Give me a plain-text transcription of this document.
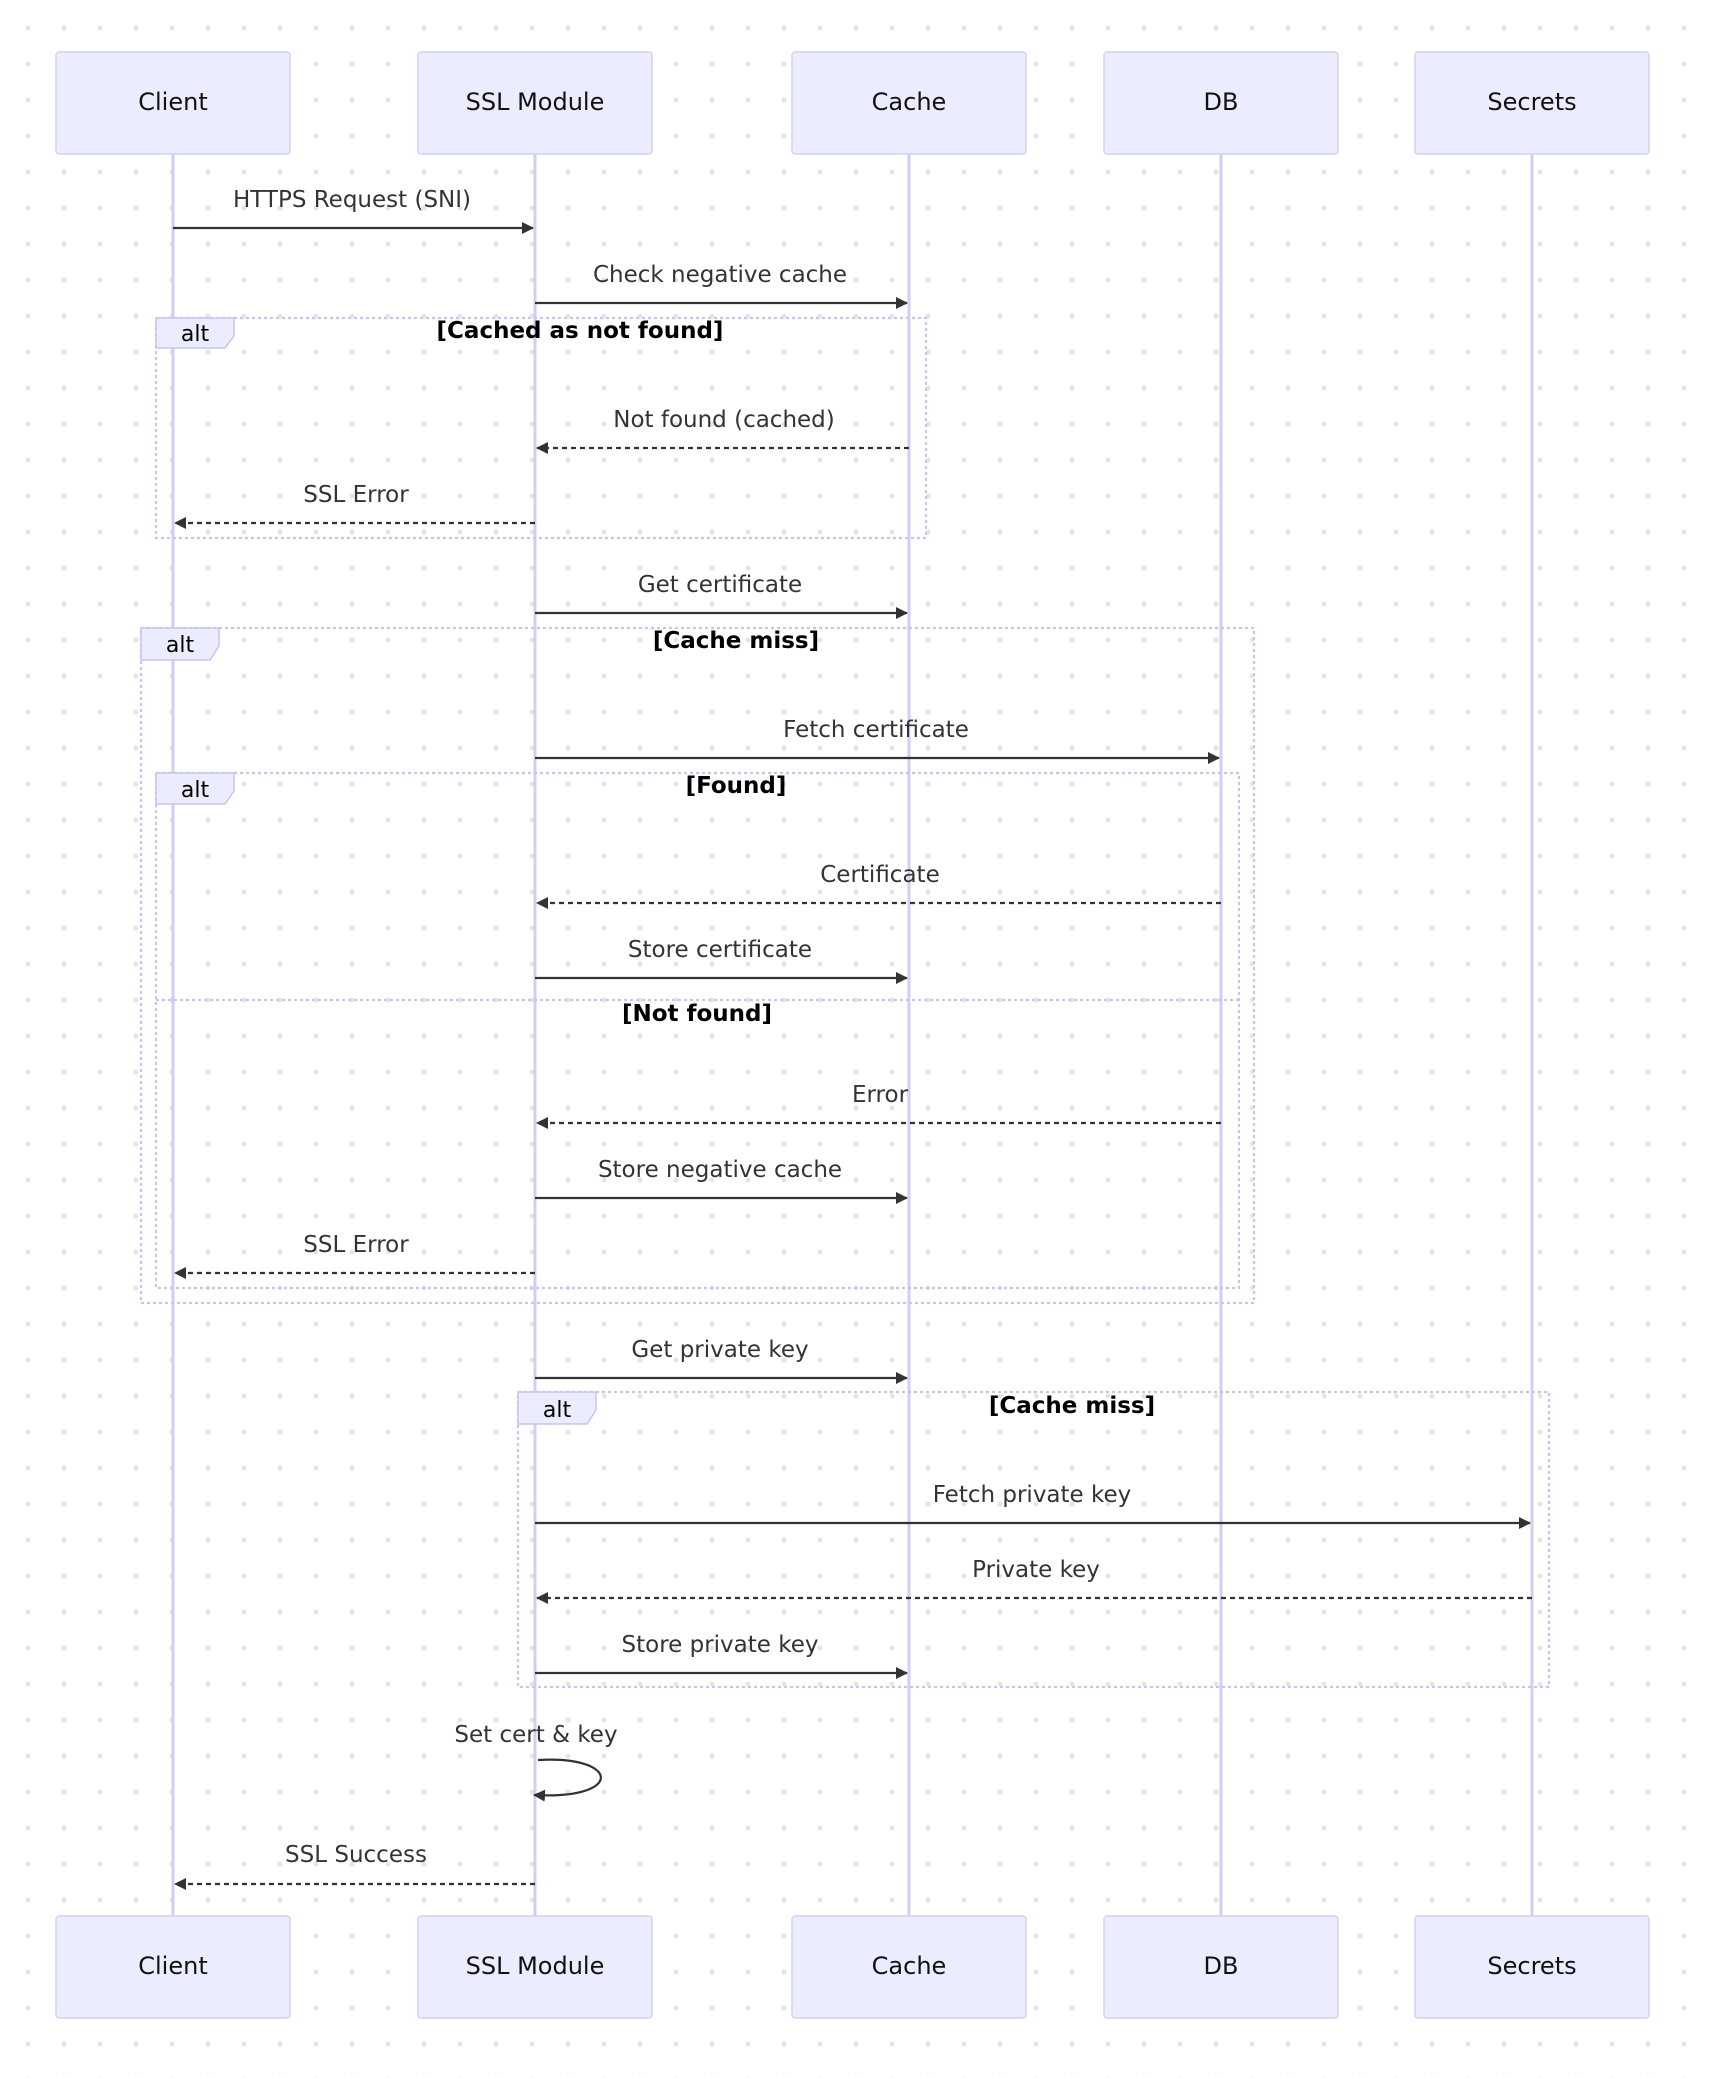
Client	SSL Module	Cache	DB	Secrets
Client	SSL Module	Cache	DB	Secrets
alt	[Cached as not found]
alt	[Cache miss]
alt	[Found]
[Not found]
alt	[Cache miss]
HTTPS Request (SNI)
Check negative cache
Not found (cached)
SSL Error
Get certificate
Fetch certificate
Certificate
Store certificate
Error
Store negative cache
SSL Error
Get private key
Fetch private key
Private key
Store private key
Set cert & key
SSL Success
